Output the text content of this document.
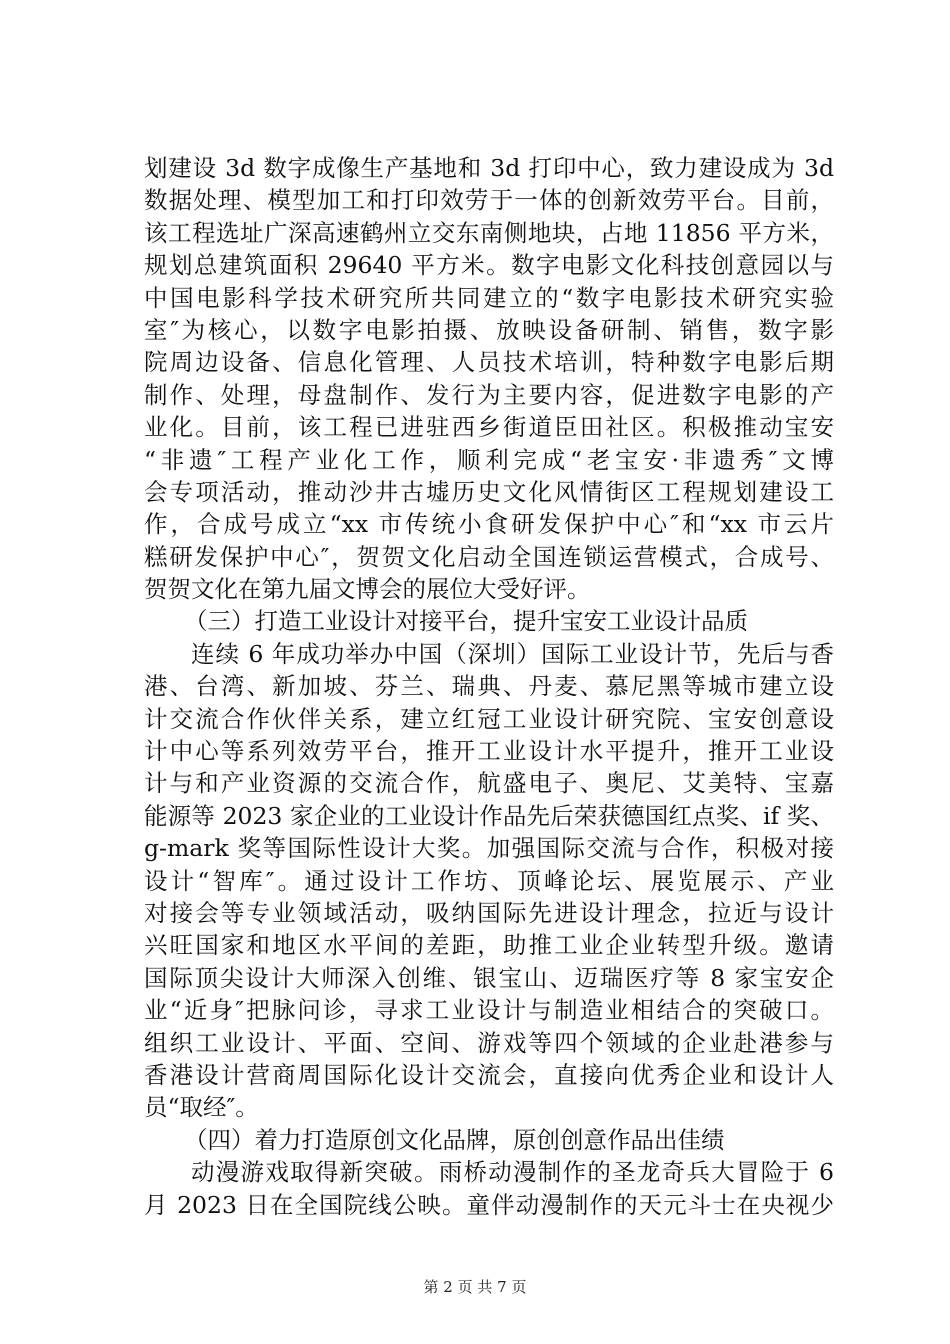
划建设 3d 数字成像生产基地和 3d 打印中心，致力建设成为 3d
数据处理、模型加工和打印效劳于一体的创新效劳平台。目前，
该工程选址广深高速鹤州立交东南侧地块，占地 11856 平方米，
规划总建筑面积 29640 平方米。数字电影文化科技创意园以与
中国电影科学技术研究所共同建立的“数字电影技术研究实验
室″为核心，以数字电影拍摄、放映设备研制、销售，数字影
院周边设备、信息化管理、人员技术培训，特种数字电影后期
制作、处理，母盘制作、发行为主要内容，促进数字电影的产
业化。目前，该工程已进驻西乡街道臣田社区。积极推动宝安
“非遗″工程产业化工作，顺利完成“老宝安·非遗秀″文博
会专项活动，推动沙井古墟历史文化风情街区工程规划建设工
作，合成号成立“xx 市传统小食研发保护中心″和“xx 市云片
糕研发保护中心″，贺贺文化启动全国连锁运营模式，合成号、
贺贺文化在第九届文博会的展位大受好评。
（三）打造工业设计对接平台，提升宝安工业设计品质
连续 6 年成功举办中国（深圳）国际工业设计节，先后与香
港、台湾、新加坡、芬兰、瑞典、丹麦、慕尼黑等城市建立设
计交流合作伙伴关系，建立红冠工业设计研究院、宝安创意设
计中心等系列效劳平台，推开工业设计水平提升，推开工业设
计与和产业资源的交流合作，航盛电子、奥尼、艾美特、宝嘉
能源等 2023 家企业的工业设计作品先后荣获德国红点奖、if 奖、
g-mark 奖等国际性设计大奖。加强国际交流与合作，积极对接
设计“智库″。通过设计工作坊、顶峰论坛、展览展示、产业
对接会等专业领域活动，吸纳国际先进设计理念，拉近与设计
兴旺国家和地区水平间的差距，助推工业企业转型升级。邀请
国际顶尖设计大师深入创维、银宝山、迈瑞医疗等 8 家宝安企
业“近身″把脉问诊，寻求工业设计与制造业相结合的突破口。
组织工业设计、平面、空间、游戏等四个领域的企业赴港参与
香港设计营商周国际化设计交流会，直接向优秀企业和设计人
员“取经″。
（四）着力打造原创文化品牌，原创创意作品出佳绩
动漫游戏取得新突破。雨桥动漫制作的圣龙奇兵大冒险于 6
月 2023 日在全国院线公映。童伴动漫制作的天元斗士在央视少
第 2 页 共 7 页
